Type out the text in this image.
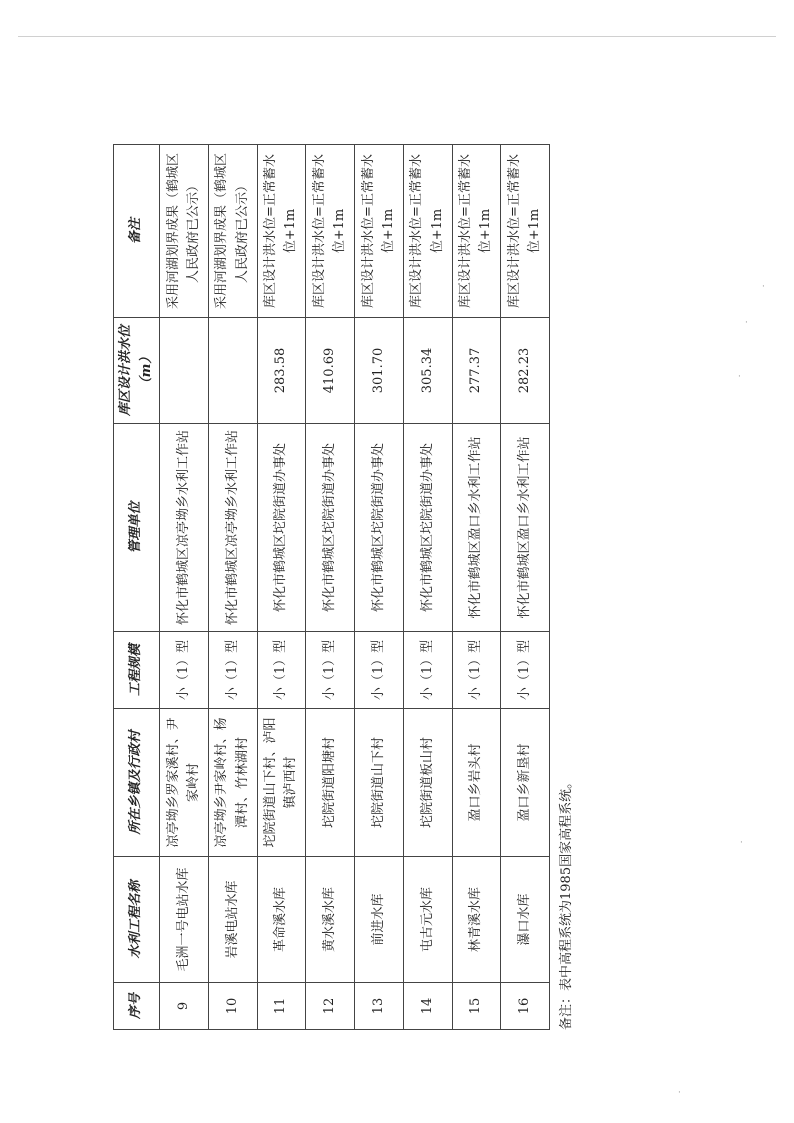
序号	水利工程名称	所在乡镇及行政村	工程规模	管理单位	库区设计洪水位（m）	备注
9	毛洲一号电站水库	凉亭坳乡罗家溪村、尹家岭村	小（1）型	怀化市鹤城区凉亭坳乡水利工作站		采用河湖划界成果（鹤城区人民政府已公示）
10	岩溪电站水库	凉亭坳乡尹家岭村、杨潭村、竹林湖村	小（1）型	怀化市鹤城区凉亭坳乡水利工作站		采用河湖划界成果（鹤城区人民政府已公示）
11	革命溪水库	坨院街道山下村、泸阳镇泸西村	小（1）型	怀化市鹤城区坨院街道办事处	283.58	库区设计洪水位=正常蓄水位+1m
12	黄水溪水库	坨院街道阳塘村	小（1）型	怀化市鹤城区坨院街道办事处	410.69	库区设计洪水位=正常蓄水位+1m
13	前进水库	坨院街道山下村	小（1）型	怀化市鹤城区坨院街道办事处	301.70	库区设计洪水位=正常蓄水位+1m
14	屯古元水库	坨院街道板山村	小（1）型	怀化市鹤城区坨院街道办事处	305.34	库区设计洪水位=正常蓄水位+1m
15	林青溪水库	盈口乡岩头村	小（1）型	怀化市鹤城区盈口乡水利工作站	277.37	库区设计洪水位=正常蓄水位+1m
16	瀑口水库	盈口乡新垦村	小（1）型	怀化市鹤城区盈口乡水利工作站	282.23	库区设计洪水位=正常蓄水位+1m
备注：表中高程系统为1985国家高程系统。
·
·
·
·
·
